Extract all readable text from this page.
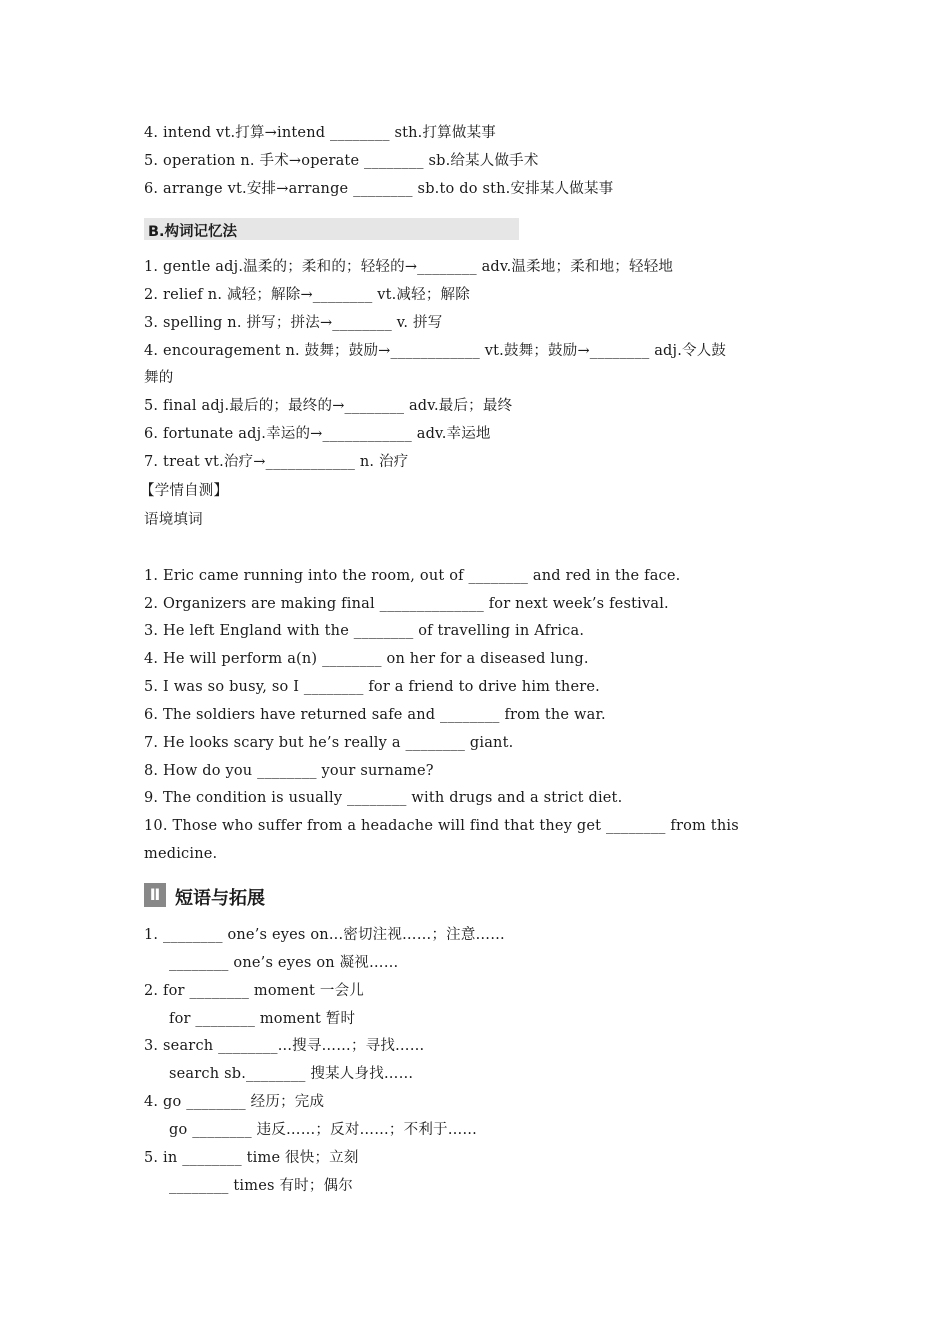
4. intend vt.打算→intend ________ sth.打算做某事
5. operation n. 手术→operate ________ sb.给某人做手术
6. arrange vt.安排→arrange ________ sb.to do sth.安排某人做某事
B.构词记忆法
1. gentle adj.温柔的；柔和的；轻轻的→________ adv.温柔地；柔和地；轻轻地
2. relief n. 减轻；解除→________ vt.减轻；解除
3. spelling n. 拼写；拼法→________ v. 拼写
4. encouragement n. 鼓舞；鼓励→____________ vt.鼓舞；鼓励→________ adj.令人鼓
舞的
5. final adj.最后的；最终的→________ adv.最后；最终
6. fortunate adj.幸运的→____________ adv.幸运地
7. treat vt.治疗→____________ n. 治疗
【学情自测】
语境填词
1. Eric came running into the room, out of ________ and red in the face.
2. Organizers are making final ______________ for next week’s festival.
3. He left England with the ________ of travelling in Africa.
4. He will perform a(n) ________ on her for a diseased lung.
5. I was so busy, so I ________ for a friend to drive him there.
6. The soldiers have returned safe and ________ from the war.
7. He looks scary but he’s really a ________ giant.
8. How do you ________ your surname?
9. The condition is usually ________ with drugs and a strict diet.
10. Those who suffer from a headache will find that they get ________ from this
medicine.
Ⅱ 短语与拓展
1. ________ one’s eyes on...密切注视……；注意……
________ one’s eyes on 凝视……
2. for ________ moment 一会儿
for ________ moment 暂时
3. search ________...搜寻……；寻找……
search sb.________ 搜某人身找……
4. go ________ 经历；完成
go ________ 违反……；反对……；不利于……
5. in ________ time 很快；立刻
________ times 有时；偶尔
